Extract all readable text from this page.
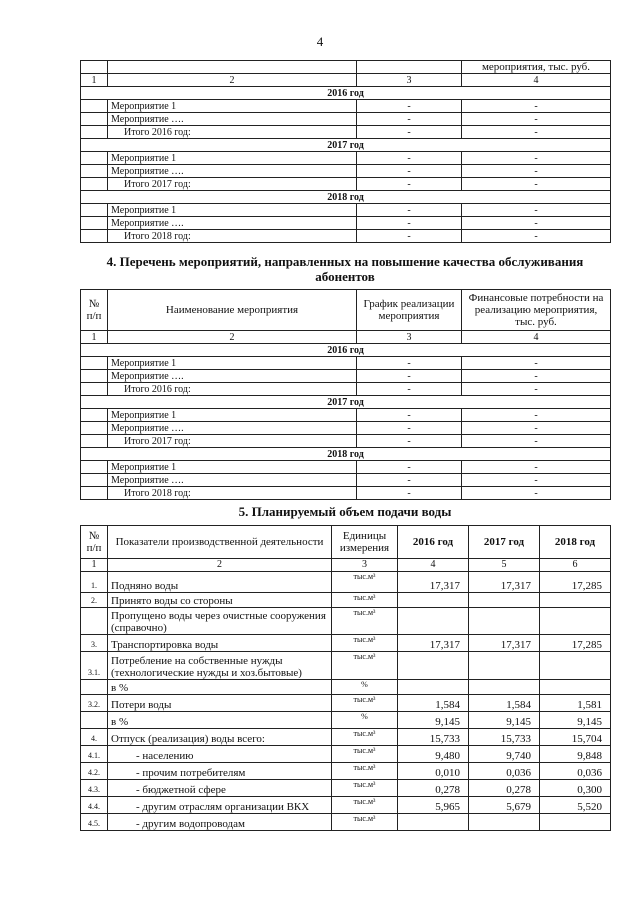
4
			мероприятия, тыс. руб.
1	2	3	4
2016 год			
	Мероприятие 1	-	-
	Мероприятие ….	-	-
	Итого 2016 год:	-	-
2017 год			
	Мероприятие 1	-	-
	Мероприятие ….	-	-
	Итого 2017 год:	-	-
2018 год			
	Мероприятие 1	-	-
	Мероприятие ….	-	-
	Итого 2018 год:	-	-
4. Перечень мероприятий, направленных на повышение качества обслуживания абонентов
№ п/п	Наименование мероприятия	График реализации мероприятия	Финансовые потребности на реализацию мероприятия, тыс. руб.
1	2	3	4
2016 год			
	Мероприятие 1	-	-
	Мероприятие ….	-	-
	Итого 2016 год:	-	-
2017 год			
	Мероприятие 1	-	-
	Мероприятие ….	-	-
	Итого 2017 год:	-	-
2018 год			
	Мероприятие 1	-	-
	Мероприятие ….	-	-
	Итого 2018 год:	-	-
5. Планируемый объем подачи воды
№ п/п	Показатели производственной деятельности	Единицы измерения	2016 год	2017 год	2018 год
1	2	3	4	5	6
1.	Подняно воды	тыс.м³	17,317	17,317	17,285
2.	Принято воды со стороны	тыс.м³			
	Пропущено воды через очистные сооружения (справочно)	тыс.м³			
3.	Транспортировка воды	тыс.м³	17,317	17,317	17,285
3.1.	Потребление на собственные нужды (технологические нужды и хоз.бытовые)	тыс.м³			
	в %	%			
3.2.	Потери воды	тыс.м³	1,584	1,584	1,581
	в %	%	9,145	9,145	9,145
4.	Отпуск (реализация) воды всего:	тыс.м³	15,733	15,733	15,704
4.1.	- населению	тыс.м³	9,480	9,740	9,848
4.2.	- прочим потребителям	тыс.м³	0,010	0,036	0,036
4.3.	- бюджетной сфере	тыс.м³	0,278	0,278	0,300
4.4.	- другим отраслям организации ВКХ	тыс.м³	5,965	5,679	5,520
4.5.	- другим водопроводам	тыс.м³			
